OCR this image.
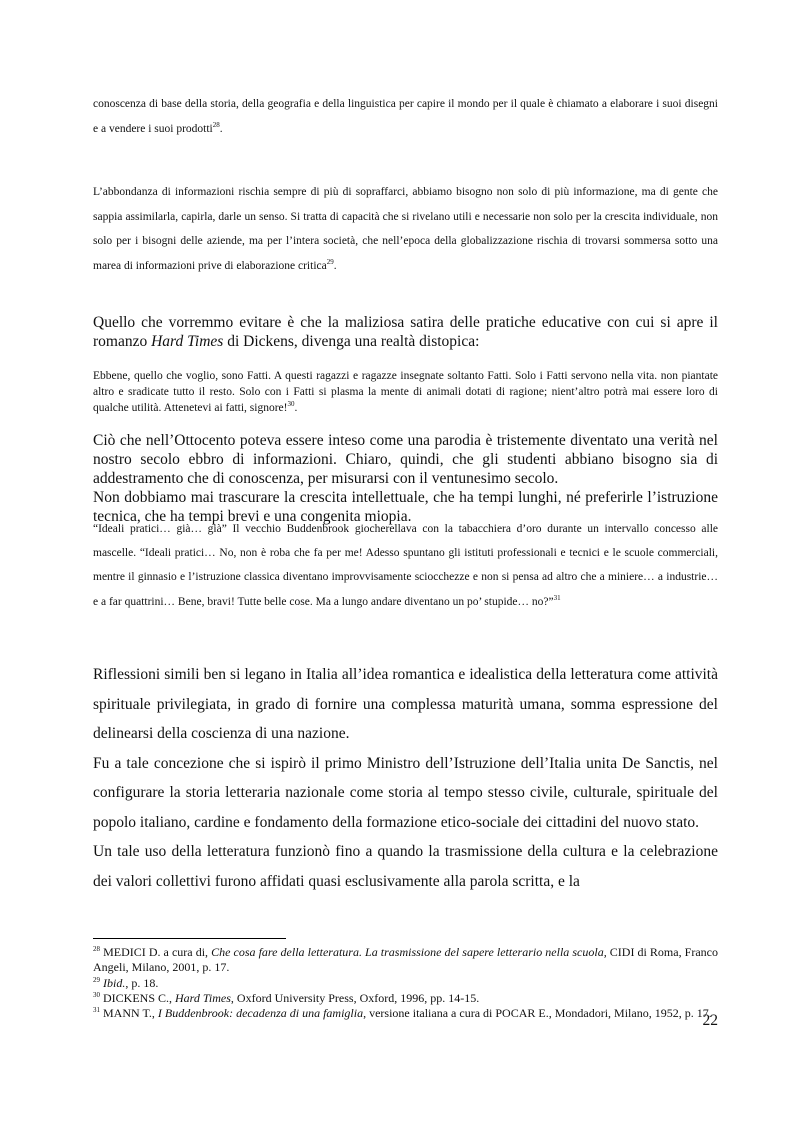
conoscenza di base della storia, della geografia e della linguistica per capire il mondo per il quale è chiamato a elaborare i suoi disegni e a vendere i suoi prodotti$^{28}$.

L’abbondanza di informazioni rischia sempre di più di sopraffarci, abbiamo bisogno non solo di più informazione, ma di gente che sappia assimilarla, capirla, darle un senso. Si tratta di capacità che si rivelano utili e necessarie non solo per la crescita individuale, non solo per i bisogni delle aziende, ma per l’intera società, che nell’epoca della globalizzazione rischia di trovarsi sommersa sotto una marea di informazioni prive di elaborazione critica$^{29}$.

Quello che vorremmo evitare è che la maliziosa satira delle pratiche educative con cui si apre il romanzo Hard Times di Dickens, divenga una realtà distopica:

Ebbene, quello che voglio, sono Fatti. A questi ragazzi e ragazze insegnate soltanto Fatti. Solo i Fatti servono nella vita. non piantate altro e sradicate tutto il resto. Solo con i Fatti si plasma la mente di animali dotati di ragione; nient’altro potrà mai essere loro di qualche utilità. Attenetevi ai fatti, signore!$^{30}$.

Ciò che nell’Ottocento poteva essere inteso come una parodia è tristemente diventato una verità nel nostro secolo ebbro di informazioni. Chiaro, quindi, che gli studenti abbiano bisogno sia di addestramento che di conoscenza, per misurarsi con il ventunesimo secolo.

Non dobbiamo mai trascurare la crescita intellettuale, che ha tempi lunghi, né preferirle l’istruzione tecnica, che ha tempi brevi e una congenita miopia.

“Ideali pratici… già… già” Il vecchio Buddenbrook giocherellava con la tabacchiera d’oro durante un intervallo concesso alle mascelle. “Ideali pratici… No, non è roba che fa per me! Adesso spuntano gli istituti professionali e tecnici e le scuole commerciali, mentre il ginnasio e l’istruzione classica diventano improvvisamente sciocchezze e non si pensa ad altro che a miniere… a industrie… e a far quattrini… Bene, bravi! Tutte belle cose. Ma a lungo andare diventano un po’ stupide… no?”$^{31}$

Riflessioni simili ben si legano in Italia all’idea romantica e idealistica della letteratura come attività spirituale privilegiata, in grado di fornire una complessa maturità umana, somma espressione del delinearsi della coscienza di una nazione.

Fu a tale concezione che si ispirò il primo Ministro dell’Istruzione dell’Italia unita De Sanctis, nel configurare la storia letteraria nazionale come storia al tempo stesso civile, culturale, spirituale del popolo italiano, cardine e fondamento della formazione etico-sociale dei cittadini del nuovo stato.

Un tale uso della letteratura funzionò fino a quando la trasmissione della cultura e la celebrazione dei valori collettivi furono affidati quasi esclusivamente alla parola scritta, e la

$^{28}$ MEDICI D. a cura di, Che cosa fare della letteratura. La trasmissione del sapere letterario nella scuola, CIDI di Roma, Franco Angeli, Milano, 2001, p. 17.

$^{29}$ Ibid., p. 18.

$^{30}$ DICKENS C., Hard Times, Oxford University Press, Oxford, 1996, pp. 14-15.

$^{31}$ MANN T., I Buddenbrook: decadenza di una famiglia, versione italiana a cura di POCAR E., Mondadori, Milano, 1952, p. 17.

22
